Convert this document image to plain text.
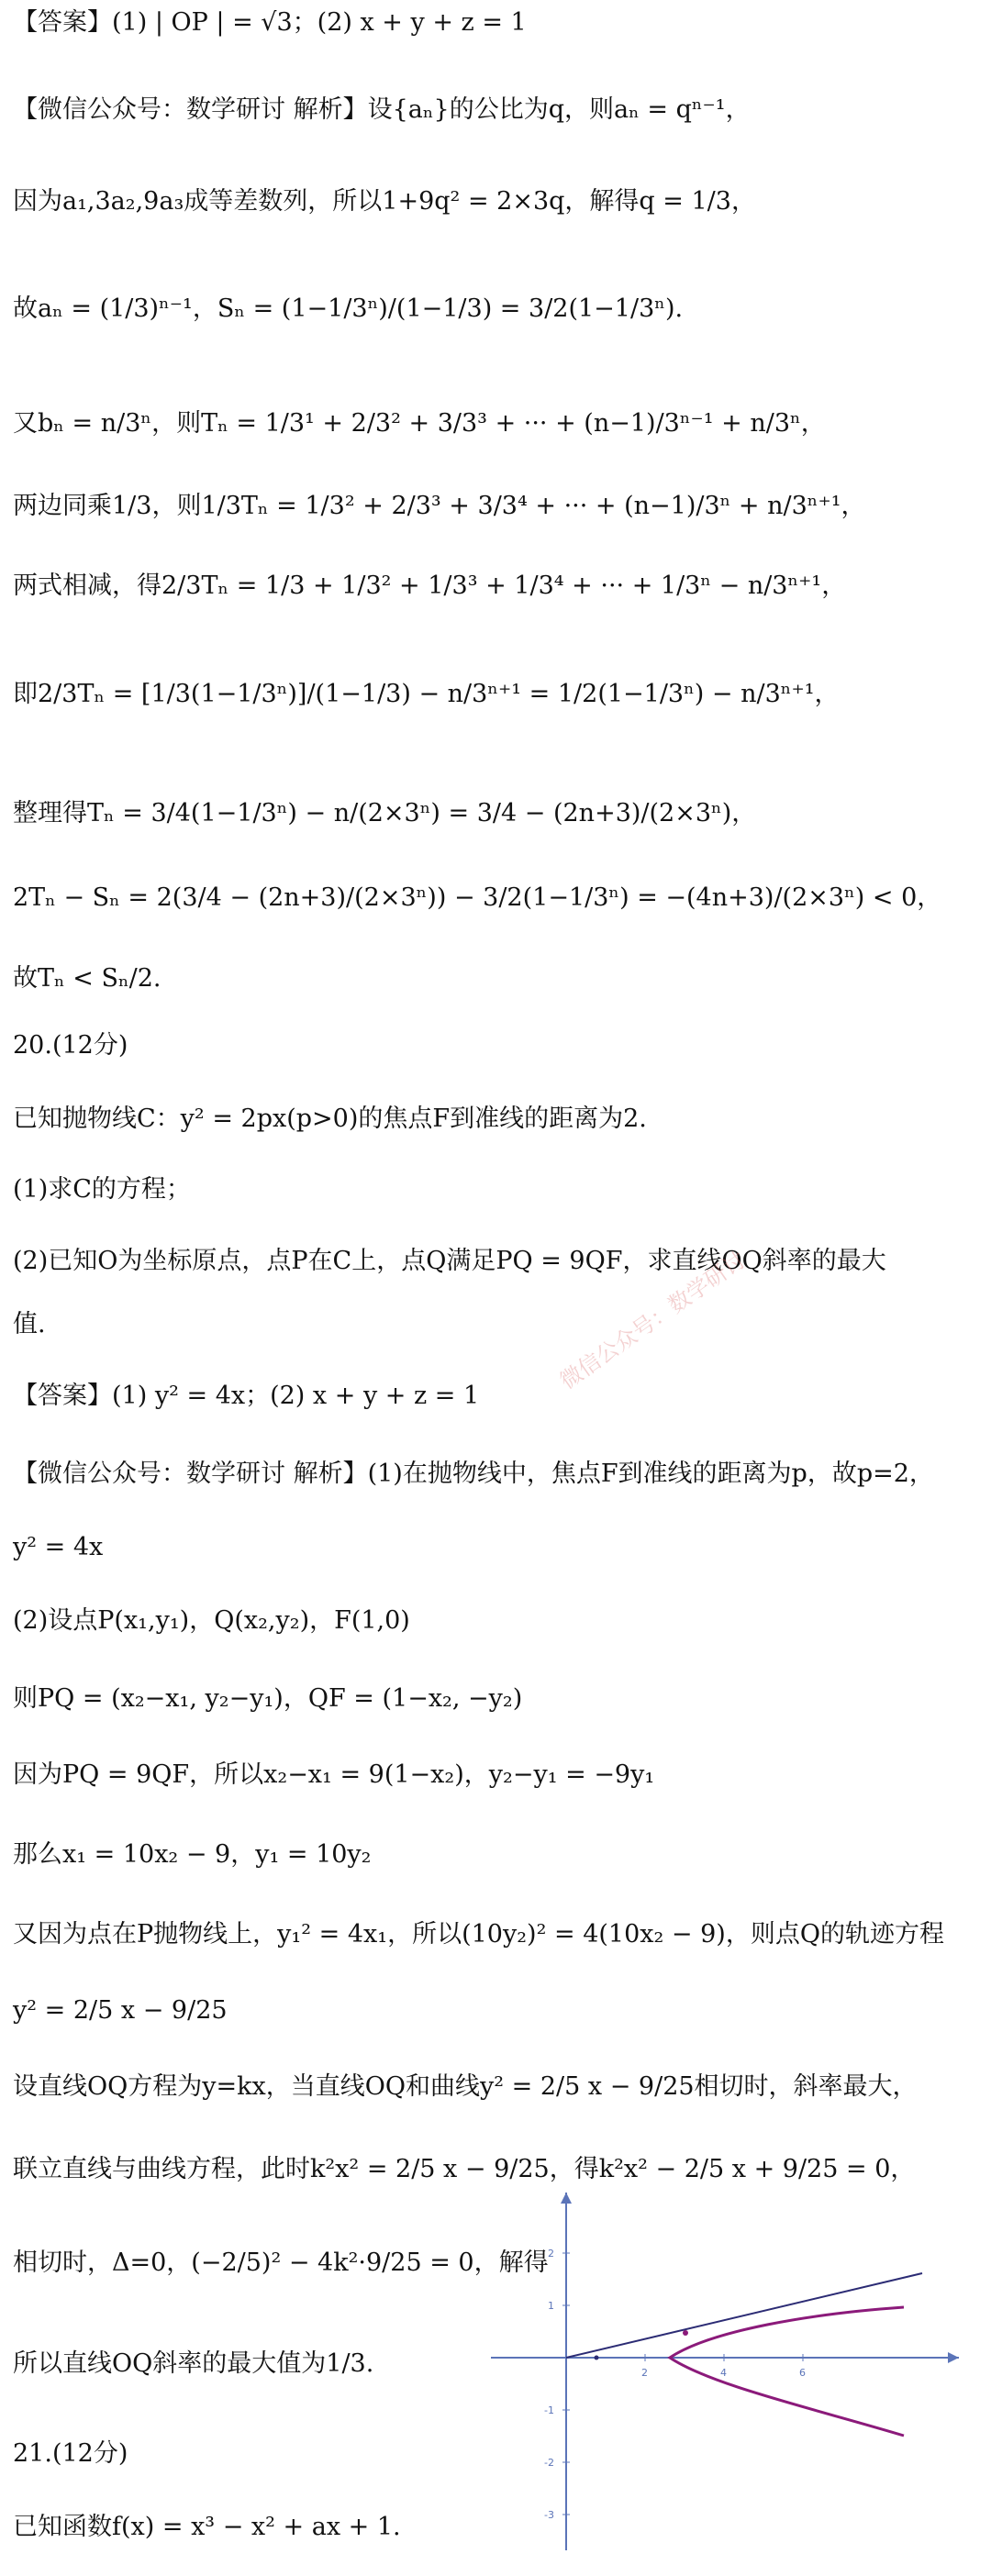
【答案】(1) | OP | = √3；(2) x + y + z = 1
【微信公众号：数学研讨 解析】设{aₙ}的公比为q，则aₙ = qⁿ⁻¹，
因为a₁,3a₂,9a₃成等差数列，所以1+9q² = 2×3q，解得q = 1/3，
故aₙ = (1/3)ⁿ⁻¹，Sₙ = (1−1/3ⁿ)/(1−1/3) = 3/2(1−1/3ⁿ).
又bₙ = n/3ⁿ，则Tₙ = 1/3¹ + 2/3² + 3/3³ + ··· + (n−1)/3ⁿ⁻¹ + n/3ⁿ，
两边同乘1/3，则1/3Tₙ = 1/3² + 2/3³ + 3/3⁴ + ··· + (n−1)/3ⁿ + n/3ⁿ⁺¹，
两式相减，得2/3Tₙ = 1/3 + 1/3² + 1/3³ + 1/3⁴ + ··· + 1/3ⁿ − n/3ⁿ⁺¹，
即2/3Tₙ = [1/3(1−1/3ⁿ)]/(1−1/3) − n/3ⁿ⁺¹ = 1/2(1−1/3ⁿ) − n/3ⁿ⁺¹，
整理得Tₙ = 3/4(1−1/3ⁿ) − n/(2×3ⁿ) = 3/4 − (2n+3)/(2×3ⁿ)，
2Tₙ − Sₙ = 2(3/4 − (2n+3)/(2×3ⁿ)) − 3/2(1−1/3ⁿ) = −(4n+3)/(2×3ⁿ) < 0，
故Tₙ < Sₙ/2.
20.(12分)
已知抛物线C：y² = 2px(p>0)的焦点F到准线的距离为2.
(1)求C的方程；
(2)已知O为坐标原点，点P在C上，点Q满足PQ = 9QF，求直线OQ斜率的最大
值.	微信公众号：数学研讨
【答案】(1) y² = 4x；(2) x + y + z = 1
【微信公众号：数学研讨 解析】(1)在抛物线中，焦点F到准线的距离为p，故p=2，
y² = 4x
(2)设点P(x₁,y₁)，Q(x₂,y₂)，F(1,0)
则PQ = (x₂−x₁, y₂−y₁)，QF = (1−x₂, −y₂)
因为PQ = 9QF，所以x₂−x₁ = 9(1−x₂)，y₂−y₁ = −9y₁
那么x₁ = 10x₂ − 9，y₁ = 10y₂
又因为点在P抛物线上，y₁² = 4x₁，所以(10y₂)² = 4(10x₂ − 9)，则点Q的轨迹方程
y² = 2/5 x − 9/25
设直线OQ方程为y=kx，当直线OQ和曲线y² = 2/5 x − 9/25相切时，斜率最大，
联立直线与曲线方程，此时k²x² = 2/5 x − 9/25，得k²x² − 2/5 x + 9/25 = 0，
相切时，Δ=0，(−2/5)² − 4k²·9/25 = 0，解得
所以直线OQ斜率的最大值为1/3.
21.(12分)
已知函数f(x) = x³ − x² + ax + 1.
2	4	6
2
1
-1
-2
-3
